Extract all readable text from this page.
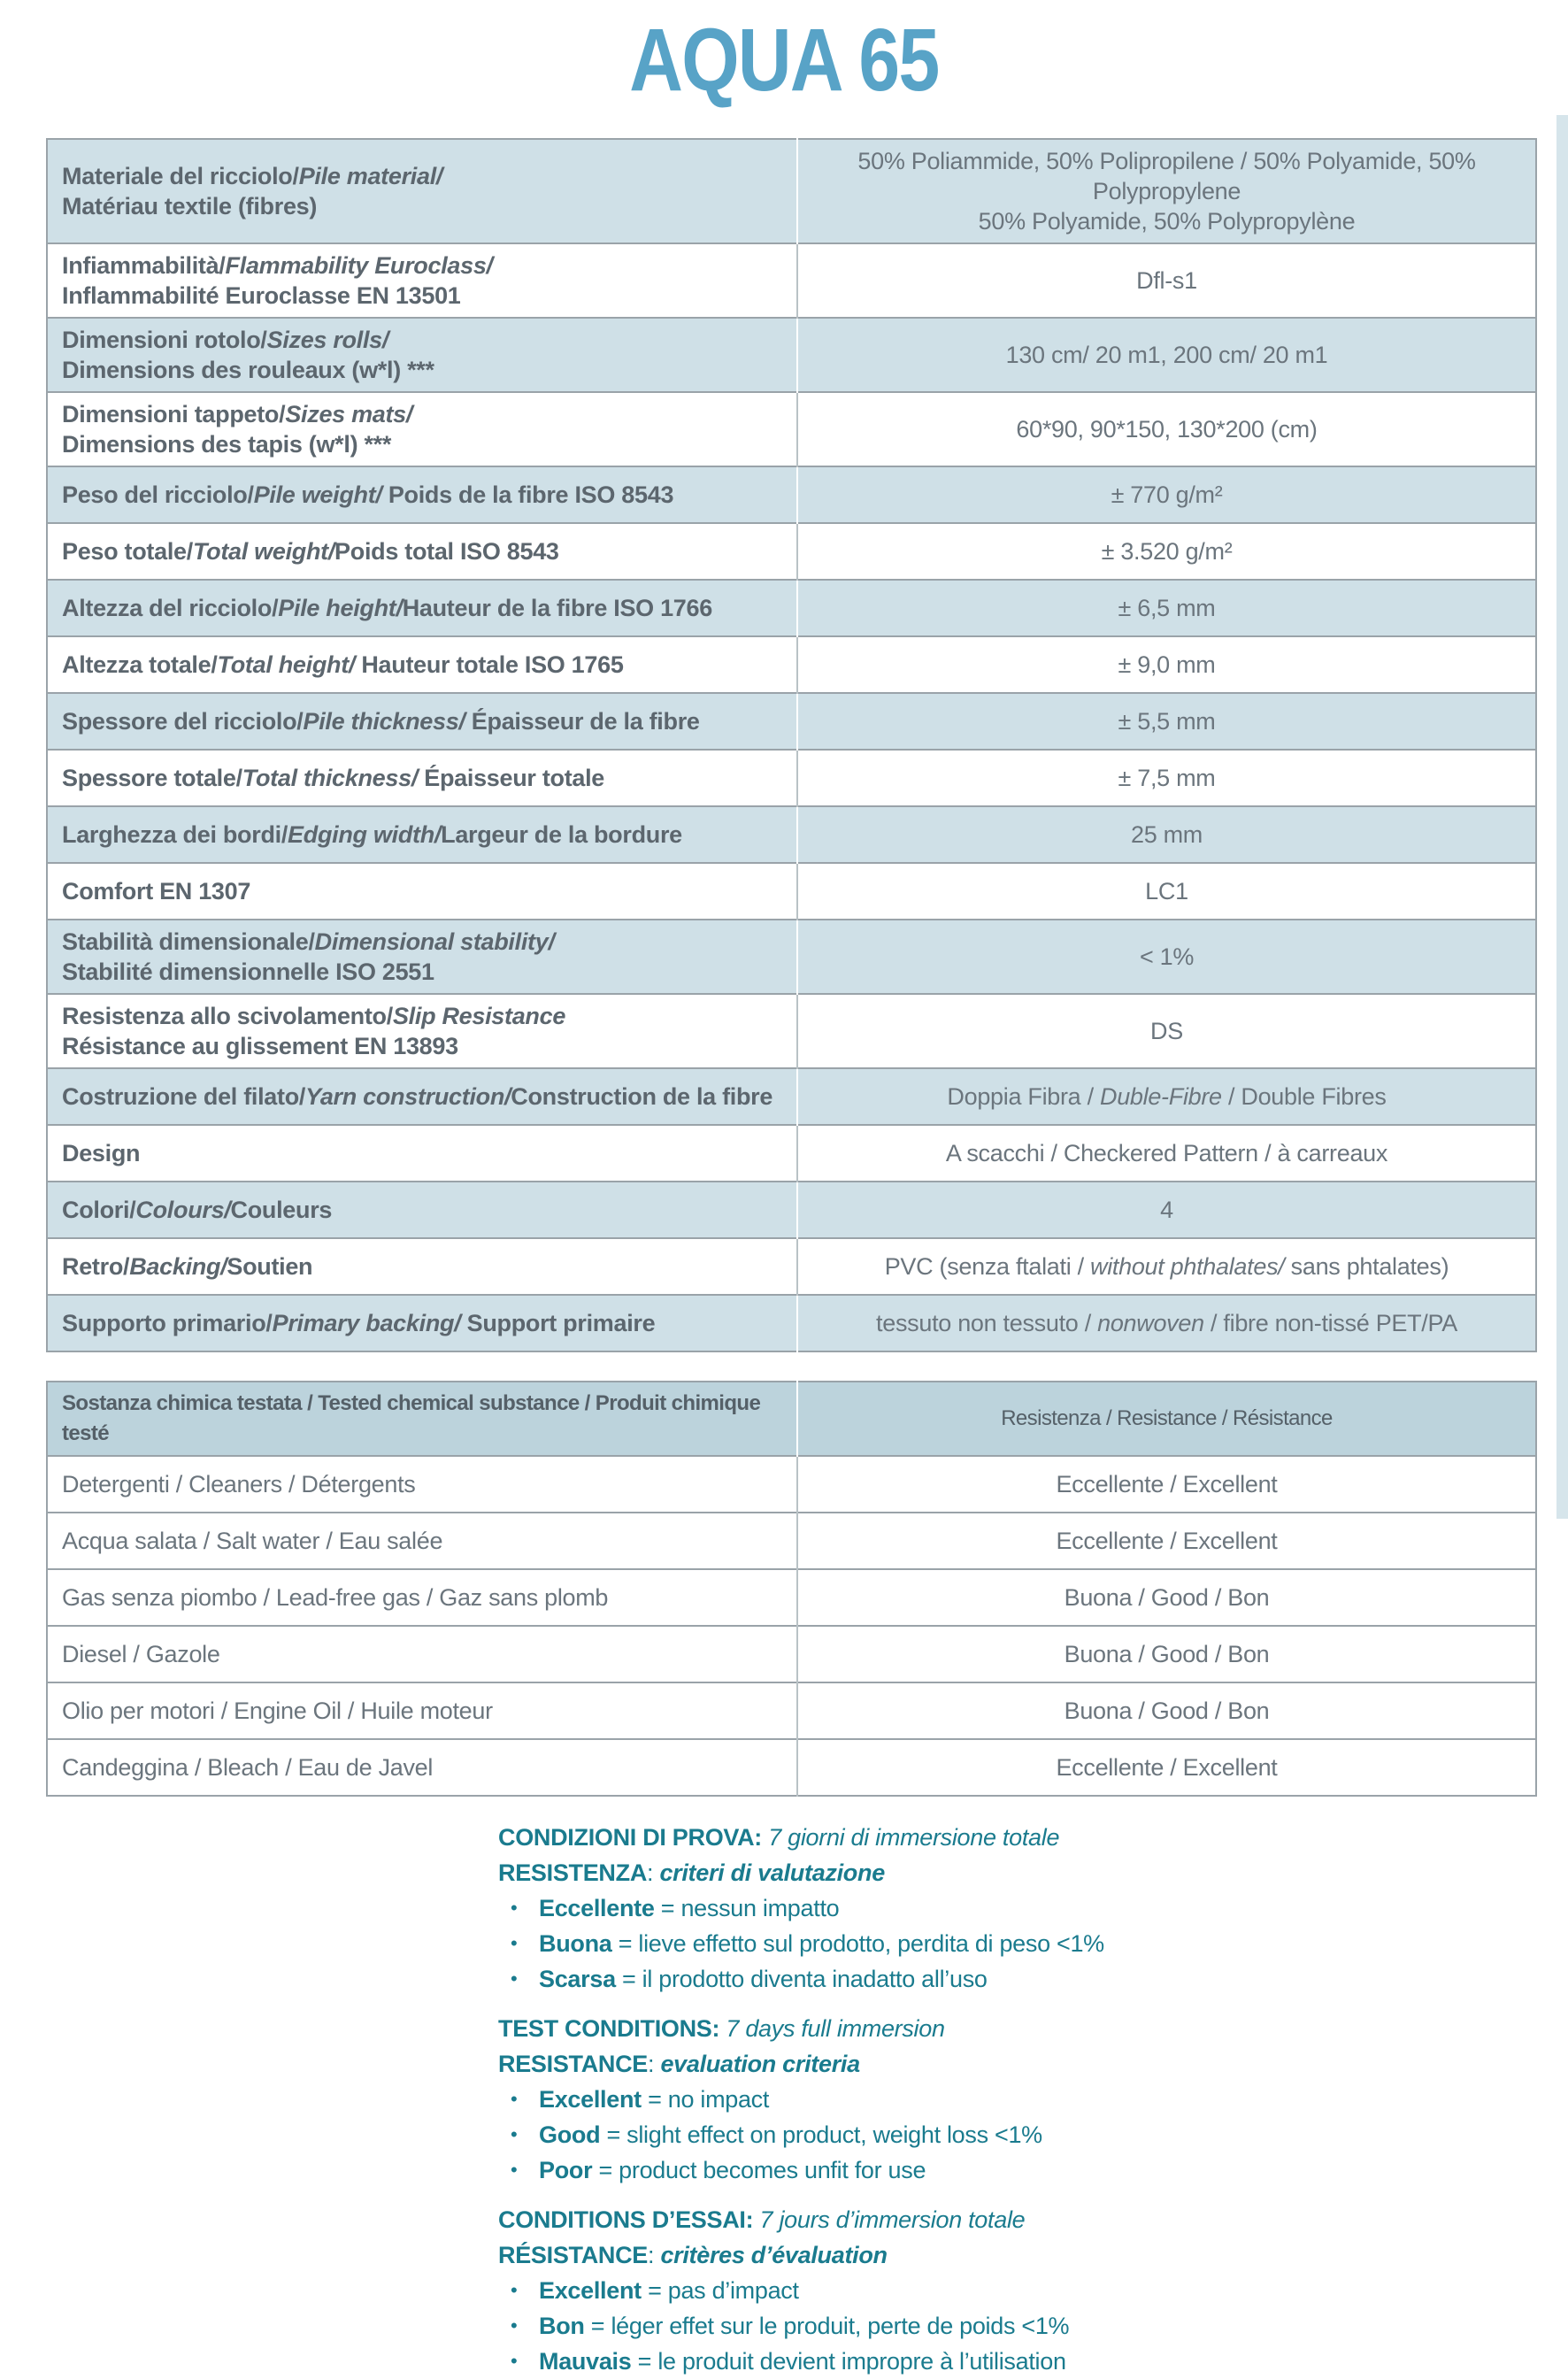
AQUA 65
Materiale del ricciolo/Pile material/
Matériau textile (fibres)	50% Poliammide, 50% Polipropilene / 50% Polyamide, 50% Polypropylene
50% Polyamide, 50% Polypropylène
Infiammabilità/Flammability Euroclass/
Inflammabilité Euroclasse EN 13501	Dfl-s1
Dimensioni rotolo/Sizes rolls/
Dimensions des rouleaux (w*l) ***	130 cm/ 20 m1, 200 cm/ 20 m1
Dimensioni tappeto/Sizes mats/
Dimensions des tapis (w*l) ***	60*90, 90*150, 130*200 (cm)
Peso del ricciolo/Pile weight/ Poids de la fibre ISO 8543	± 770 g/m²
Peso totale/Total weight/Poids total ISO 8543	± 3.520 g/m²
Altezza del ricciolo/Pile height/Hauteur de la fibre ISO 1766	± 6,5 mm
Altezza totale/Total height/ Hauteur totale ISO 1765	± 9,0 mm
Spessore del ricciolo/Pile thickness/ Épaisseur de la fibre	± 5,5 mm
Spessore totale/Total thickness/ Épaisseur totale	± 7,5 mm
Larghezza dei bordi/Edging width/Largeur de la bordure	25 mm
Comfort EN 1307	LC1
Stabilità dimensionale/Dimensional stability/
Stabilité dimensionnelle ISO 2551	< 1%
Resistenza allo scivolamento/Slip Resistance
Résistance au glissement EN 13893	DS
Costruzione del filato/Yarn construction/Construction de la fibre	Doppia Fibra / Duble-Fibre / Double Fibres
Design	A scacchi / Checkered Pattern / à carreaux
Colori/Colours/Couleurs	4
Retro/Backing/Soutien	PVC (senza ftalati / without phthalates/ sans phtalates)
Supporto primario/Primary backing/ Support primaire	tessuto non tessuto / nonwoven / fibre non-tissé PET/PA
Sostanza chimica testata / Tested chemical substance / Produit chimique testé	Resistenza / Resistance / Résistance
Detergenti / Cleaners / Détergents	Eccellente / Excellent
Acqua salata / Salt water / Eau salée	Eccellente / Excellent
Gas senza piombo / Lead-free gas / Gaz sans plomb	Buona / Good / Bon
Diesel / Gazole	Buona / Good / Bon
Olio per motori / Engine Oil / Huile moteur	Buona / Good / Bon
Candeggina / Bleach / Eau de Javel	Eccellente / Excellent
CONDIZIONI DI PROVA: 7 giorni di immersione totale
RESISTENZA: criteri di valutazione
• Eccellente = nessun impatto
• Buona = lieve effetto sul prodotto, perdita di peso <1%
• Scarsa = il prodotto diventa inadatto all’uso
TEST CONDITIONS: 7 days full immersion
RESISTANCE: evaluation criteria
• Excellent = no impact
• Good = slight effect on product, weight loss <1%
• Poor = product becomes unfit for use
CONDITIONS D’ESSAI: 7 jours d’immersion totale
RÉSISTANCE: critères d’évaluation
• Excellent = pas d’impact
• Bon = léger effet sur le produit, perte de poids <1%
• Mauvais = le produit devient impropre à l’utilisation
